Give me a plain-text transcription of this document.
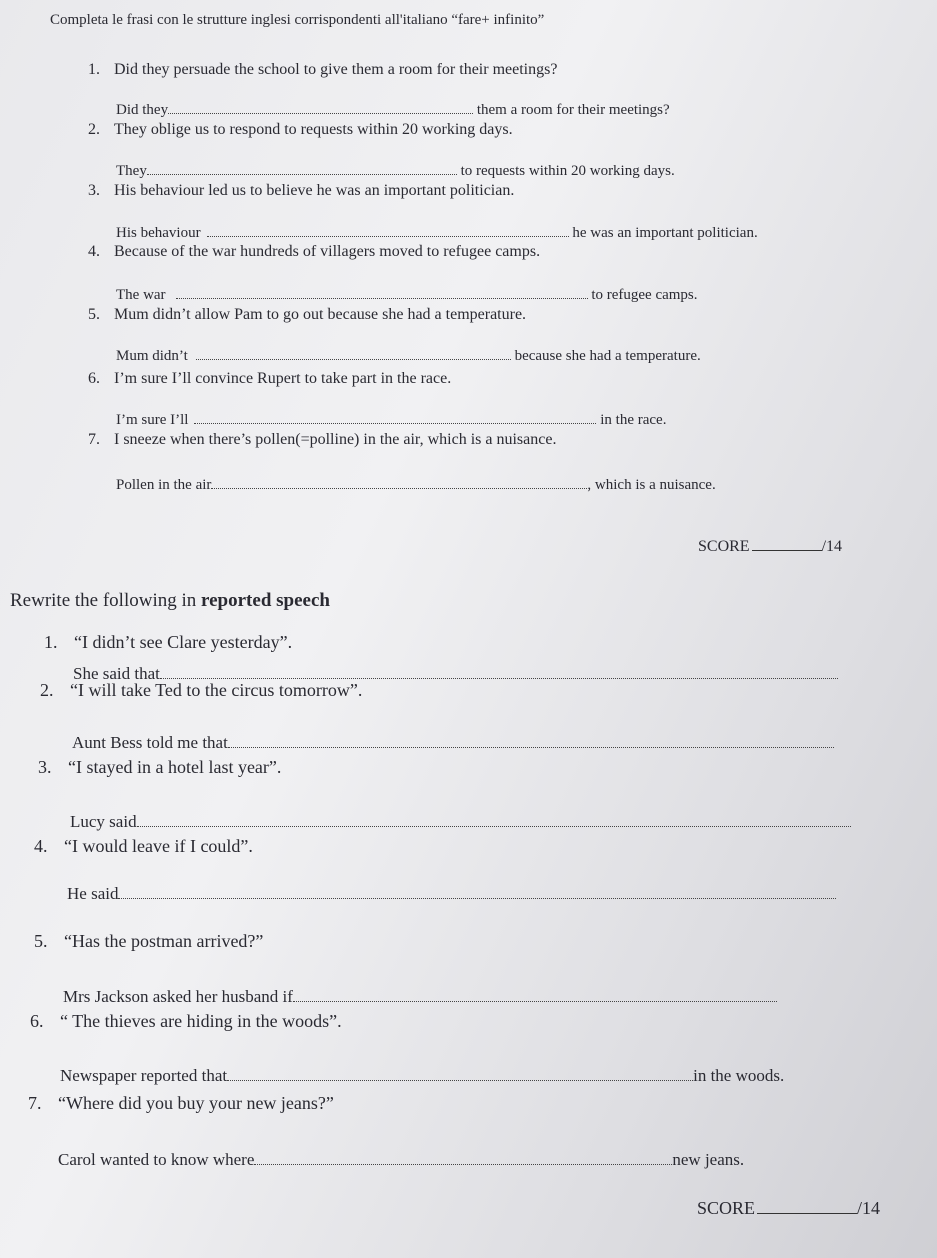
Completa le frasi con le strutture inglesi corrispondenti all'italiano “fare+ infinito”
1. Did they persuade the school to give them a room for their meetings?
Did they	them a room for their meetings?
2. They oblige us to respond to requests within 20 working days.
They	to requests within 20 working days.
3. His behaviour led us to believe he was an important politician.
His behaviour	he was an important politician.
4. Because of the war hundreds of villagers moved to refugee camps.
The war	to refugee camps.
5. Mum didn’t allow Pam to go out because she had a temperature.
Mum didn’t	because she had a temperature.
6. I’m sure I’ll convince Rupert to take part in the race.
I’m sure I’ll	in the race.
7. I sneeze when there’s pollen(=polline) in the air, which is a nuisance.
Pollen in the air	, which is a nuisance.
SCORE	/14
Rewrite the following in reported speech
1. “I didn’t see Clare yesterday”.
She said that
2. “I will take Ted to the circus tomorrow”.
Aunt Bess told me that
3. “I stayed in a hotel last year”.
Lucy said
4. “I would leave if I could”.
He said
5. “Has the postman arrived?”
Mrs Jackson asked her husband if
6. “ The thieves are hiding in the woods”.
Newspaper reported that	in the woods.
7. “Where did you buy your new jeans?”
Carol wanted to know where	new jeans.
SCORE	/14
